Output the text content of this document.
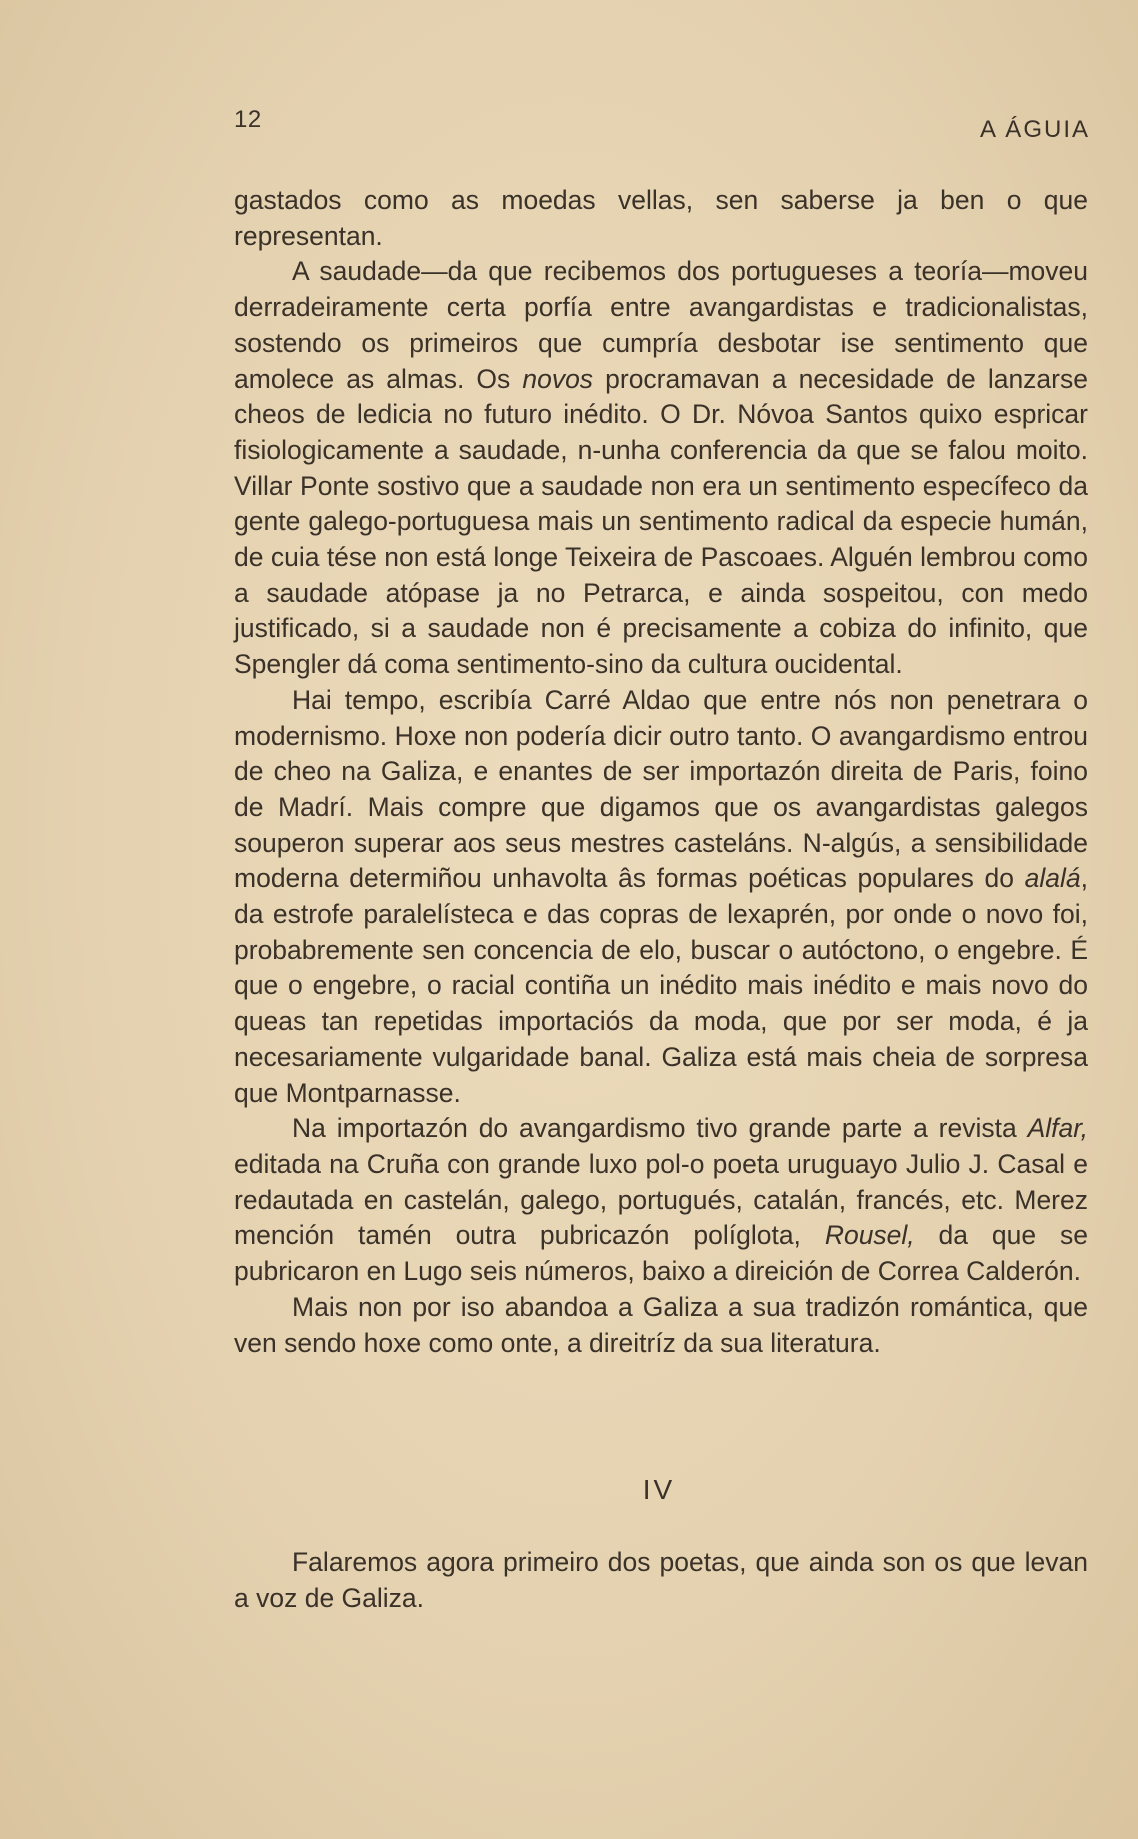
12	A ÁGUIA

gastados como as moedas vellas, sen saberse ja ben o que representan.

A saudade—da que recibemos dos portugueses a teoría—moveu derradeiramente certa porfía entre avangardistas e tradicionalistas, sostendo os primeiros que cumpría desbotar ise sentimento que amolece as almas. Os novos procramavan a necesidade de lanzarse cheos de ledicia no futuro inédito. O Dr. Nóvoa Santos quixo espricar fisiologicamente a saudade, n-unha conferencia da que se falou moito. Villar Ponte sostivo que a saudade non era un sentimento específeco da gente galego-portuguesa mais un sentimento radical da especie humán, de cuia tése non está longe Teixeira de Pascoaes. Alguén lembrou como a saudade atópase ja no Petrarca, e ainda sospeitou, con medo justificado, si a saudade non é precisamente a cobiza do infinito, que Spengler dá coma sentimento-sino da cultura oucidental.

Hai tempo, escribía Carré Aldao que entre nós non penetrara o modernismo. Hoxe non podería dicir outro tanto. O avangardismo entrou de cheo na Galiza, e enantes de ser importazón direita de Paris, foino de Madrí. Mais compre que digamos que os avangardistas galegos souperon superar aos seus mestres casteláns. N-algús, a sensibilidade moderna determiñou unhavolta âs formas poéticas populares do alalá, da estrofe paralelísteca e das copras de lexaprén, por onde o novo foi, probabremente sen concencia de elo, buscar o autóctono, o engebre. É que o engebre, o racial contiña un inédito mais inédito e mais novo do queas tan repetidas importaciós da moda, que por ser moda, é ja necesariamente vulgaridade banal. Galiza está mais cheia de sorpresa que Montparnasse.

Na importazón do avangardismo tivo grande parte a revista Alfar, editada na Cruña con grande luxo pol-o poeta uruguayo Julio J. Casal e redautada en castelán, galego, portugués, catalán, francés, etc. Merez mención tamén outra pubricazón políglota, Rousel, da que se pubricaron en Lugo seis números, baixo a direición de Correa Calderón.

Mais non por iso abandoa a Galiza a sua tradizón romántica, que ven sendo hoxe como onte, a direitríz da sua literatura.

IV

Falaremos agora primeiro dos poetas, que ainda son os que levan a voz de Galiza.
